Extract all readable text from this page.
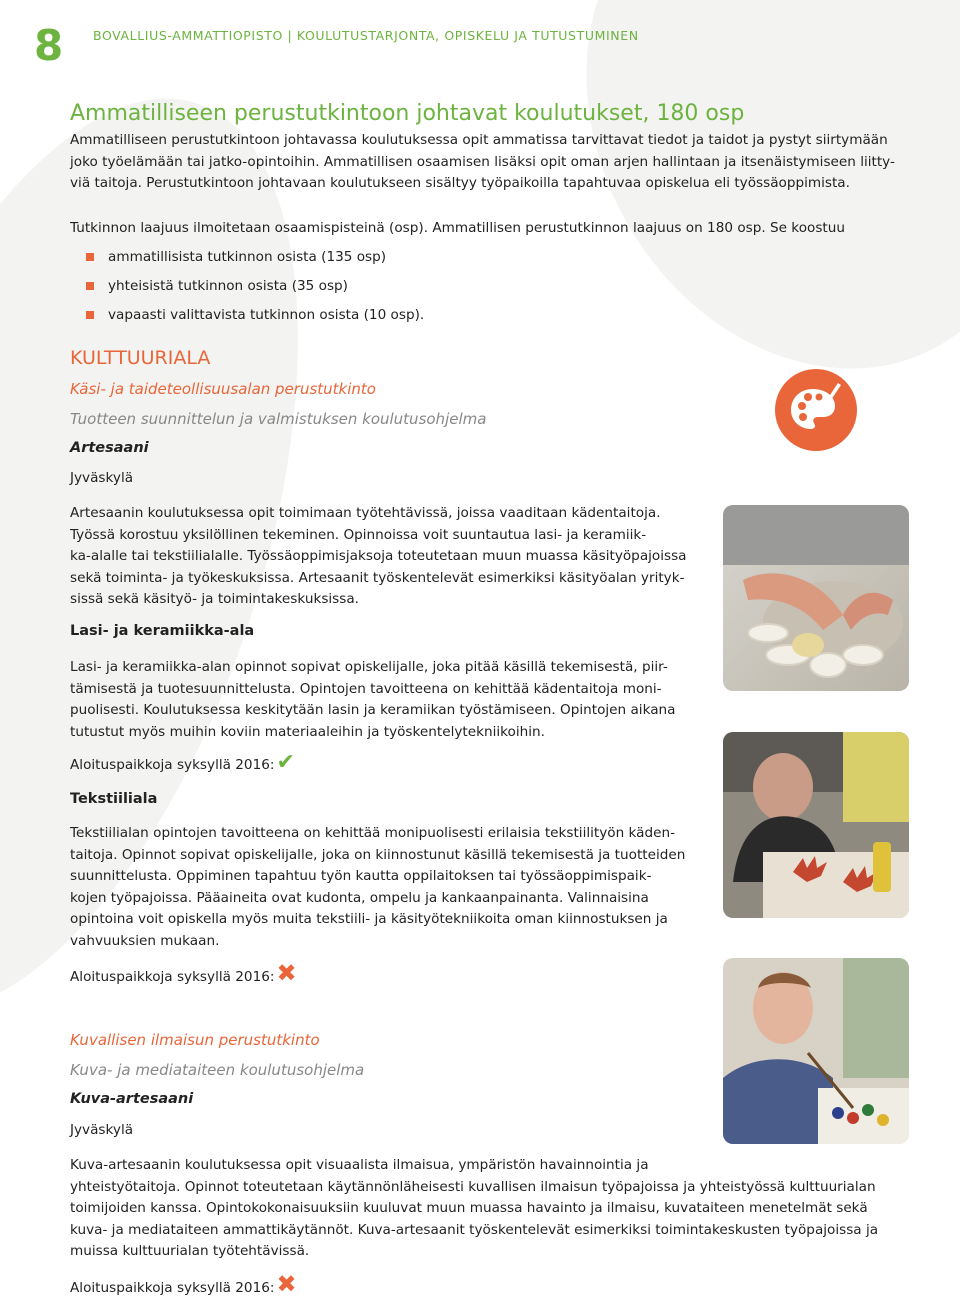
8 BOVALLIUS-AMMATTIOPISTO | KOULUTUSTARJONTA, OPISKELU JA TUTUSTUMINEN
Ammatilliseen perustutkintoon johtavat koulutukset, 180 osp
Ammatilliseen perustutkintoon johtavassa koulutuksessa opit ammatissa tarvittavat tiedot ja taidot ja pystyt siirtymään
joko työelämään tai jatko-opintoihin. Ammatillisen osaamisen lisäksi opit oman arjen hallintaan ja itsenäistymiseen liitty-
viä taitoja. Perustutkintoon johtavaan koulutukseen sisältyy työpaikoilla tapahtuvaa opiskelua eli työssäoppimista.
Tutkinnon laajuus ilmoitetaan osaamispisteinä (osp). Ammatillisen perustutkinnon laajuus on 180 osp. Se koostuu
ammatillisista tutkinnon osista (135 osp)
yhteisistä tutkinnon osista (35 osp)
vapaasti valittavista tutkinnon osista (10 osp).
KULTTUURIALA
Käsi- ja taideteollisuusalan perustutkinto
Tuotteen suunnittelun ja valmistuksen koulutusohjelma
Artesaani
Jyväskylä
Artesaanin koulutuksessa opit toimimaan työtehtävissä, joissa vaaditaan kädentaitoja.
Työssä korostuu yksilöllinen tekeminen. Opinnoissa voit suuntautua lasi- ja keramiik-
ka-alalle tai tekstiilialalle. Työssäoppimisjaksoja toteutetaan muun muassa käsityöpajoissa
sekä toiminta- ja työkeskuksissa. Artesaanit työskentelevät esimerkiksi käsityöalan yrityk-
sissä sekä käsityö- ja toimintakeskuksissa.
Lasi- ja keramiikka-ala
Lasi- ja keramiikka-alan opinnot sopivat opiskelijalle, joka pitää käsillä tekemisestä, piir-
tämisestä ja tuotesuunnittelusta. Opintojen tavoitteena on kehittää kädentaitoja moni-
puolisesti. Koulutuksessa keskitytään lasin ja keramiikan työstämiseen. Opintojen aikana
tutustut myös muihin koviin materiaaleihin ja työskentelytekniikoihin.
Aloituspaikkoja syksyllä 2016:✔
Tekstiiliala
Tekstiilialan opintojen tavoitteena on kehittää monipuolisesti erilaisia tekstiilityön käden-
taitoja. Opinnot sopivat opiskelijalle, joka on kiinnostunut käsillä tekemisestä ja tuotteiden
suunnittelusta. Oppiminen tapahtuu työn kautta oppilaitoksen tai työssäoppimispaik-
kojen työpajoissa. Pääaineita ovat kudonta, ompelu ja kankaanpainanta. Valinnaisina
opintoina voit opiskella myös muita tekstiili- ja käsityötekniikoita oman kiinnostuksen ja
vahvuuksien mukaan.
Aloituspaikkoja syksyllä 2016:✖
Kuvallisen ilmaisun perustutkinto
Kuva- ja mediataiteen koulutusohjelma
Kuva-artesaani
Jyväskylä
Kuva-artesaanin koulutuksessa opit visuaalista ilmaisua, ympäristön havainnointia ja
yhteistyötaitoja. Opinnot toteutetaan käytännönläheisesti kuvallisen ilmaisun työpajoissa ja yhteistyössä kulttuurialan
toimijoiden kanssa. Opintokokonaisuuksiin kuuluvat muun muassa havainto ja ilmaisu, kuvataiteen menetelmät sekä
kuva- ja mediataiteen ammattikäytännöt. Kuva-artesaanit työskentelevät esimerkiksi toimintakeskusten työpajoissa ja
muissa kulttuurialan työtehtävissä.
Aloituspaikkoja syksyllä 2016:✖
